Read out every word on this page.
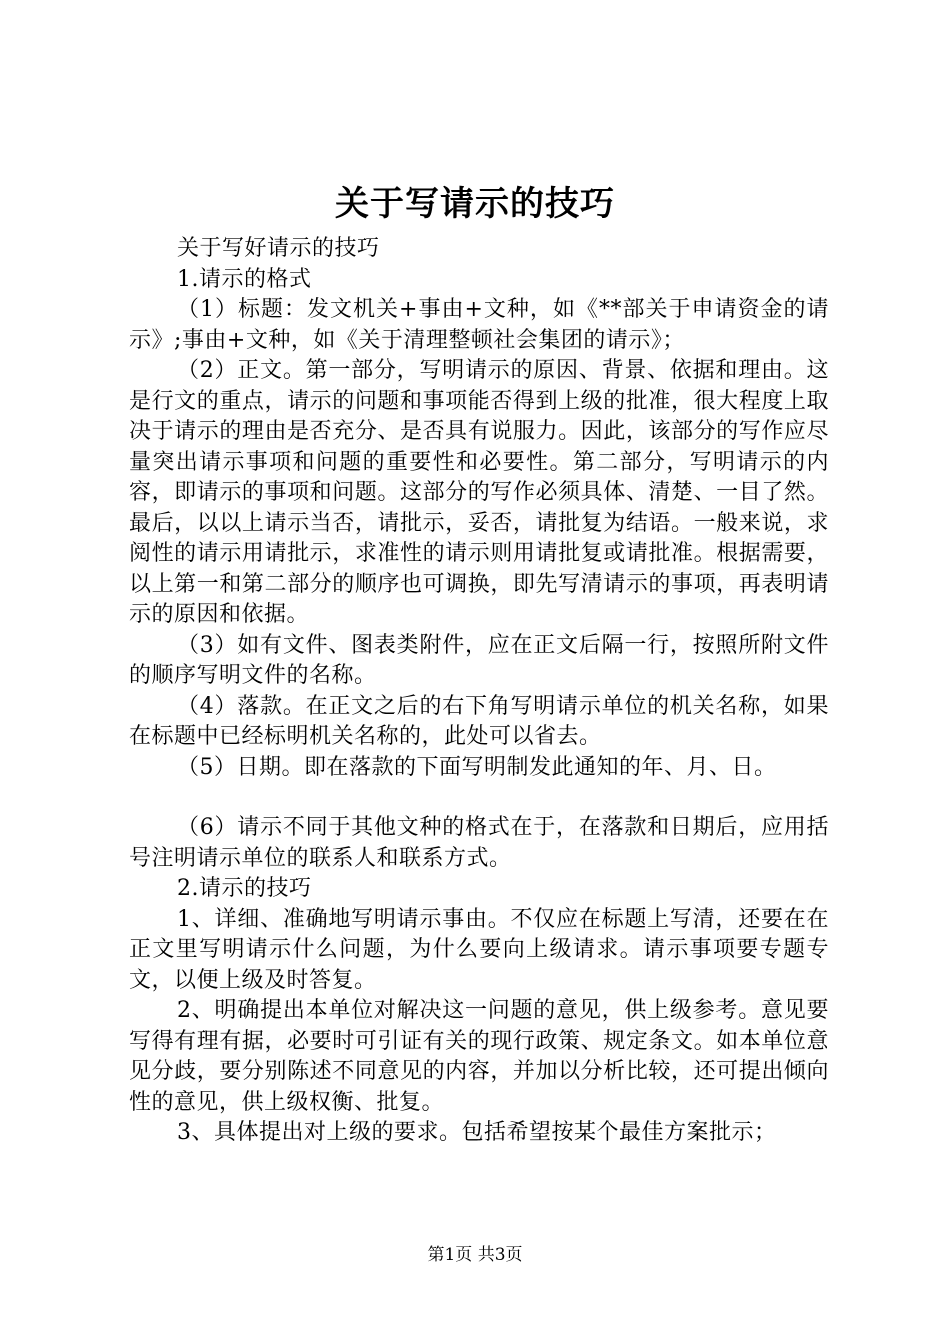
关于写请示的技巧

关于写好请示的技巧

1.请示的格式

（1）标题：发文机关+事由+文种，如《**部关于申请资金的请示》;事由+文种，如《关于清理整顿社会集团的请示》；

（2）正文。第一部分，写明请示的原因、背景、依据和理由。这是行文的重点，请示的问题和事项能否得到上级的批准，很大程度上取决于请示的理由是否充分、是否具有说服力。因此，该部分的写作应尽量突出请示事项和问题的重要性和必要性。第二部分，写明请示的内容，即请示的事项和问题。这部分的写作必须具体、清楚、一目了然。最后，以以上请示当否，请批示，妥否，请批复为结语。一般来说，求阅性的请示用请批示，求准性的请示则用请批复或请批准。根据需要，以上第一和第二部分的顺序也可调换，即先写清请示的事项，再表明请示的原因和依据。

（3）如有文件、图表类附件，应在正文后隔一行，按照所附文件的顺序写明文件的名称。

（4）落款。在正文之后的右下角写明请示单位的机关名称，如果在标题中已经标明机关名称的，此处可以省去。

（5）日期。即在落款的下面写明制发此通知的年、月、日。

（6）请示不同于其他文种的格式在于，在落款和日期后，应用括号注明请示单位的联系人和联系方式。

2.请示的技巧

1、详细、准确地写明请示事由。不仅应在标题上写清，还要在在正文里写明请示什么问题，为什么要向上级请求。请示事项要专题专文，以便上级及时答复。

2、明确提出本单位对解决这一问题的意见，供上级参考。意见要写得有理有据，必要时可引证有关的现行政策、规定条文。如本单位意见分歧，要分别陈述不同意见的内容，并加以分析比较，还可提出倾向性的意见，供上级权衡、批复。

3、具体提出对上级的要求。包括希望按某个最佳方案批示；

第1页 共3页
